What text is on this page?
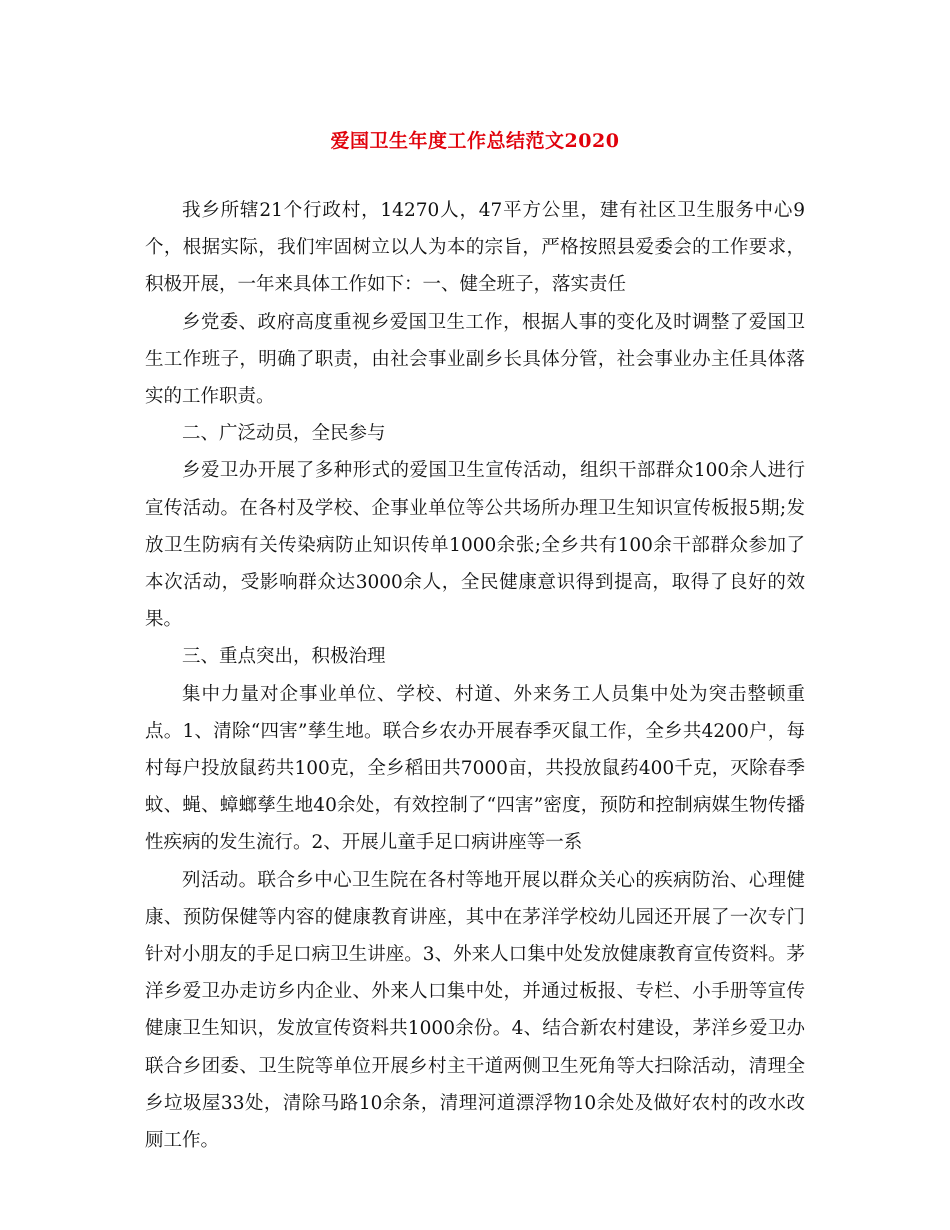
爱国卫生年度工作总结范文2020

我乡所辖21个行政村，14270人，47平方公里，建有社区卫生服务中心9个，根据实际，我们牢固树立以人为本的宗旨，严格按照县爱委会的工作要求，积极开展，一年来具体工作如下：一、健全班子，落实责任

乡党委、政府高度重视乡爱国卫生工作，根据人事的变化及时调整了爱国卫生工作班子，明确了职责，由社会事业副乡长具体分管，社会事业办主任具体落实的工作职责。

二、广泛动员，全民参与

乡爱卫办开展了多种形式的爱国卫生宣传活动，组织干部群众100余人进行宣传活动。在各村及学校、企事业单位等公共场所办理卫生知识宣传板报5期;发放卫生防病有关传染病防止知识传单1000余张;全乡共有100余干部群众参加了本次活动，受影响群众达3000余人，全民健康意识得到提高，取得了良好的效果。

三、重点突出，积极治理

集中力量对企事业单位、学校、村道、外来务工人员集中处为突击整顿重点。1、清除“四害”孳生地。联合乡农办开展春季灭鼠工作，全乡共4200户，每村每户投放鼠药共100克，全乡稻田共7000亩，共投放鼠药400千克，灭除春季蚊、蝇、蟑螂孳生地40余处，有效控制了“四害”密度，预防和控制病媒生物传播性疾病的发生流行。2、开展儿童手足口病讲座等一系

列活动。联合乡中心卫生院在各村等地开展以群众关心的疾病防治、心理健康、预防保健等内容的健康教育讲座，其中在茅洋学校幼儿园还开展了一次专门针对小朋友的手足口病卫生讲座。3、外来人口集中处发放健康教育宣传资料。茅洋乡爱卫办走访乡内企业、外来人口集中处，并通过板报、专栏、小手册等宣传健康卫生知识，发放宣传资料共1000余份。4、结合新农村建设，茅洋乡爱卫办联合乡团委、卫生院等单位开展乡村主干道两侧卫生死角等大扫除活动，清理全乡垃圾屋33处，清除马路10余条，清理河道漂浮物10余处及做好农村的改水改厕工作。
